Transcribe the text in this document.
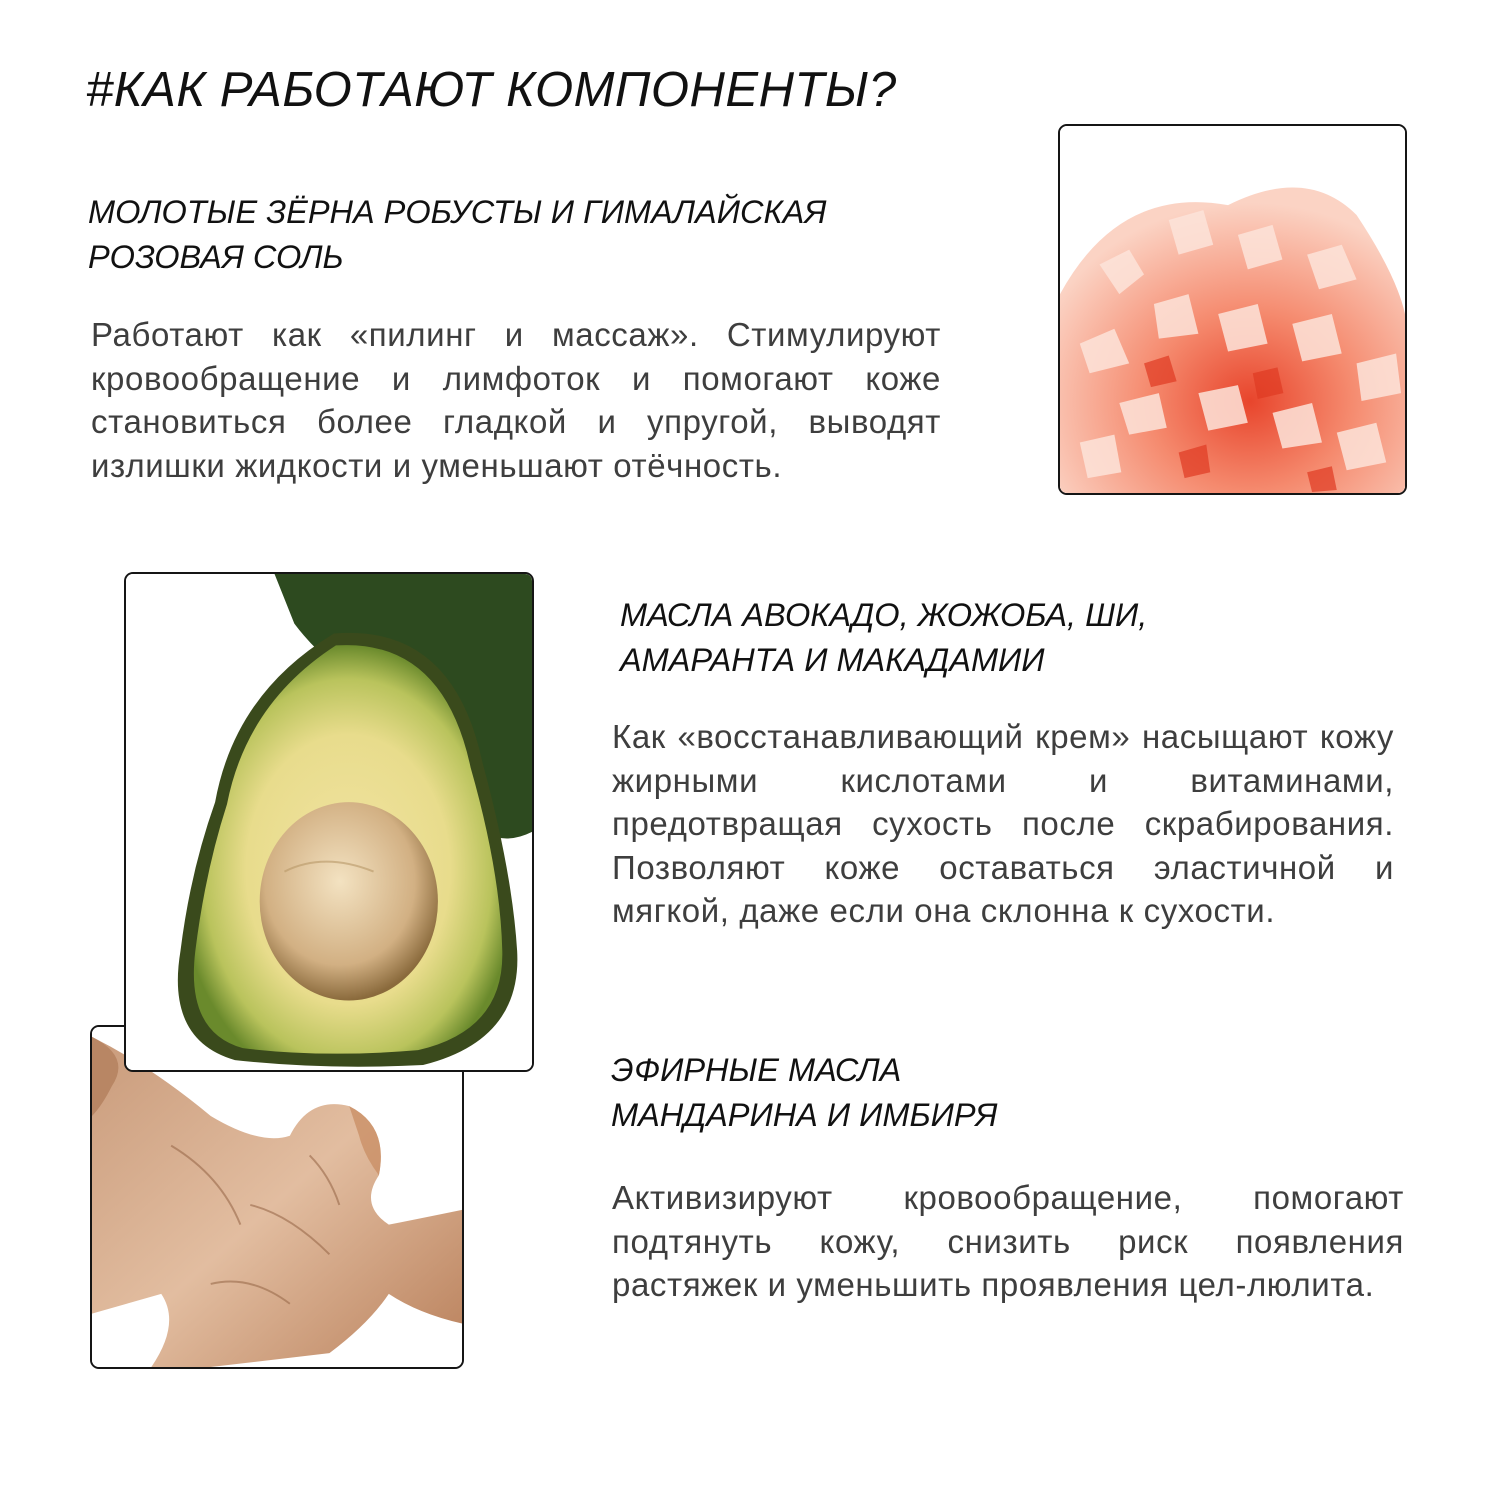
#КАК РАБОТАЮТ КОМПОНЕНТЫ?
МОЛОТЫЕ ЗЁРНА РОБУСТЫ И ГИМАЛАЙСКАЯ
РОЗОВАЯ СОЛЬ

Работают как «пилинг и массаж». Стимулируют кровообращение и лимфоток и помогают коже становиться более гладкой и упругой, выводят излишки жидкости и уменьшают отёчность.

МАСЛА АВОКАДО, ЖОЖОБА, ШИ,
АМАРАНТА И МАКАДАМИИ

Как «восстанавливающий крем» насыщают кожу жирными кислотами и витаминами, предотвращая сухость после скрабирования. Позволяют коже оставаться эластичной и мягкой, даже если она склонна к сухости.

ЭФИРНЫЕ МАСЛА
МАНДАРИНА И ИМБИРЯ

Активизируют кровообращение, помогают подтянуть кожу, снизить риск появления растяжек и уменьшить проявления цел-люлита.
